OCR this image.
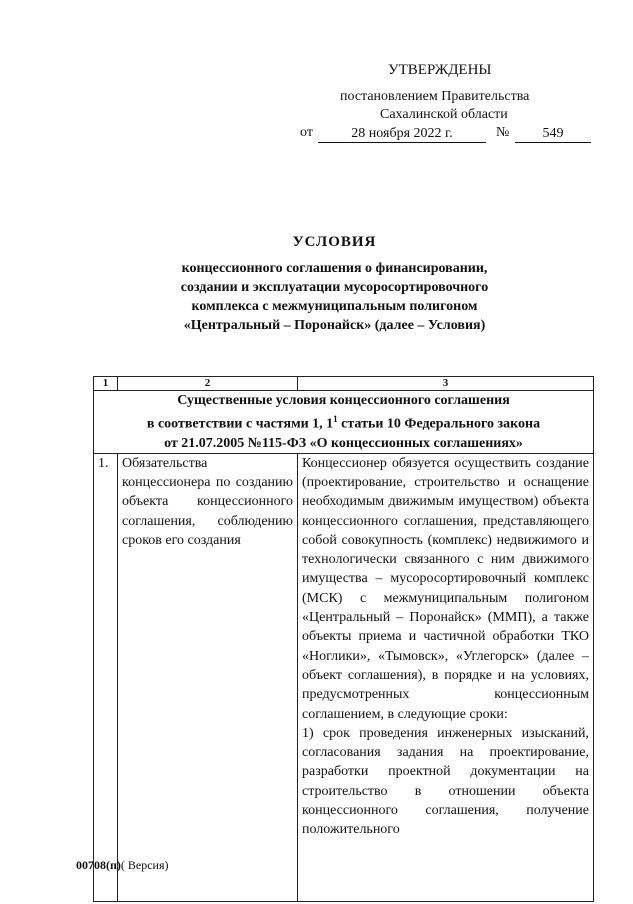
УТВЕРЖДЕНЫ
постановлением Правительства
Сахалинской области
от	28 ноября 2022 г.	№	549
УСЛОВИЯ
концессионного соглашения о финансировании,
создании и эксплуатации мусоросортировочного
комплекса с межмуниципальным полигоном
«Центральный – Поронайск» (далее – Условия)
1	2	3

Существенные условия концессионного соглашения
в соответствии с частями 1, $1^1$ статьи 10 Федерального закона
от 21.07.2005 №115-ФЗ «О концессионных соглашениях»		

1.	Обязательства концессионера по созданию объекта концессионного соглашения, соблюдению сроков его создания	Концессионер обязуется осуществить создание (проектирование, строительство и оснащение необходимым движимым имуществом) объекта концессионного соглашения, представляющего собой совокупность (комплекс) недвижимого и технологически связанного с ним движимого имущества – мусоросортировочный комплекс (МСК) с межмуниципальным полигоном «Центральный – Поронайск» (ММП), а также объекты приема и частичной обработки ТКО «Ноглики», «Тымовск», «Углегорск» (далее – объект соглашения), в порядке и на условиях, предусмотренных концессионным соглашением, в следующие сроки:
1) срок проведения инженерных изысканий, согласования задания на проектирование, разработки проектной документации на строительство в отношении объекта концессионного соглашения, получение положительного
00708(п)( Версия)
